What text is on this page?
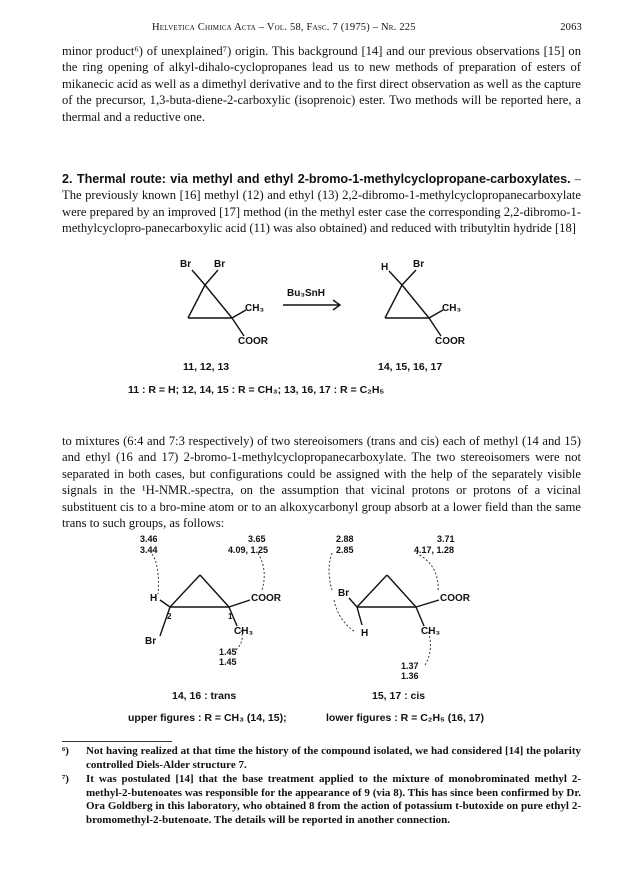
Helvetica Chimica Acta – Vol. 58, Fasc. 7 (1975) – Nr. 225	2063
minor product⁶) of unexplained⁷) origin. This background [14] and our previous observations [15] on the ring opening of alkyl-dihalo-cyclopropanes lead us to new methods of preparation of esters of mikanecic acid as well as a dimethyl derivative and to the first direct observation as well as the capture of the precursor, 1,3-buta-diene-2-carboxylic (isoprenoic) ester. Two methods will be reported here, a thermal and a reductive one.
2. Thermal route: via methyl and ethyl 2-bromo-1-methylcyclopropane-carboxylates. – The previously known [16] methyl (12) and ethyl (13) 2,2-dibromo-1-methylcyclopropanecarboxylate were prepared by an improved [17] method (in the methyl ester case the corresponding 2,2-dibromo-1-methylcyclopro-panecarboxylic acid (11) was also obtained) and reduced with tributyltin hydride [18]
Br Br
CH₃
COOR
Bu₃SnH
H Br
CH₃
COOR
11, 12, 13	14, 15, 16, 17
11 : R = H; 12, 14, 15 : R = CH₃; 13, 16, 17 : R = C₂H₅
to mixtures (6:4 and 7:3 respectively) of two stereoisomers (trans and cis) each of methyl (14 and 15) and ethyl (16 and 17) 2-bromo-1-methylcyclopropanecarboxylate. The two stereoisomers were not separated in both cases, but configurations could be assigned with the help of the separately visible signals in the ¹H-NMR.-spectra, on the assumption that vicinal protons or protons of a vicinal substituent cis to a bro-mine atom or to an alkoxycarbonyl group absorb at a lower field than the same trans to such groups, as follows:
3.46
3.44
3.65
4.09, 1.25
H
Br
COOR
CH₃
2	1
1.45
1.45
2.88
2.85
3.71
4.17, 1.28
Br
H
COOR
CH₃
1.37
1.36
14, 16 : trans	15, 17 : cis
upper figures : R = CH₃ (14, 15);	lower figures : R = C₂H₅ (16, 17)
⁶) Not having realized at that time the history of the compound isolated, we had considered [14] the polarity controlled Diels-Alder structure 7.
⁷) It was postulated [14] that the base treatment applied to the mixture of monobrominated methyl 2-methyl-2-butenoates was responsible for the appearance of 9 (via 8). This has since been confirmed by Dr. Ora Goldberg in this laboratory, who obtained 8 from the action of potassium t-butoxide on pure ethyl 2-bromomethyl-2-butenoate. The details will be reported in another connection.
